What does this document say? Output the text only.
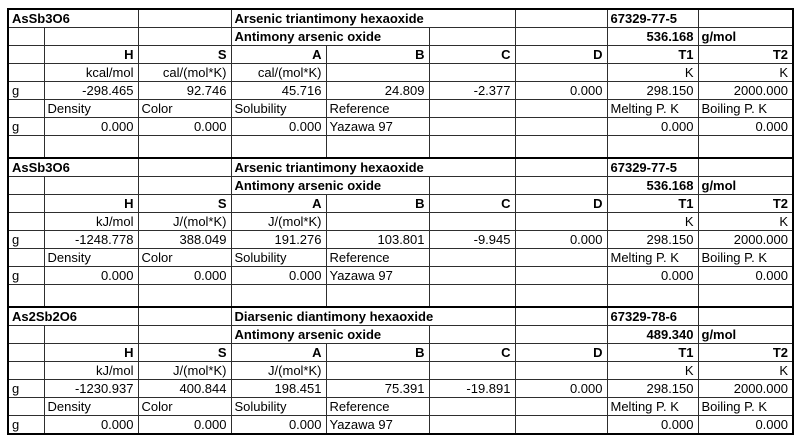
AsSb3O6			Arsenic triantimony hexaoxide				67329-77-5	
			Antimony arsenic oxide				536.168	g/mol
	H	S	A	B	C	D	T1	T2
	kcal/mol	cal/(mol*K)	cal/(mol*K)				K	K
g	-298.465	92.746	45.716	24.809	-2.377	0.000	298.150	2000.000
	Density	Color	Solubility	Reference			Melting P. K	Boiling P. K
g	0.000	0.000	0.000	Yazawa 97			0.000	0.000

AsSb3O6			Arsenic triantimony hexaoxide				67329-77-5	
			Antimony arsenic oxide				536.168	g/mol
	H	S	A	B	C	D	T1	T2
	kJ/mol	J/(mol*K)	J/(mol*K)				K	K
g	-1248.778	388.049	191.276	103.801	-9.945	0.000	298.150	2000.000
	Density	Color	Solubility	Reference			Melting P. K	Boiling P. K
g	0.000	0.000	0.000	Yazawa 97			0.000	0.000

As2Sb2O6			Diarsenic diantimony hexaoxide				67329-78-6	
			Antimony arsenic oxide				489.340	g/mol
	H	S	A	B	C	D	T1	T2
	kJ/mol	J/(mol*K)	J/(mol*K)				K	K
g	-1230.937	400.844	198.451	75.391	-19.891	0.000	298.150	2000.000
	Density	Color	Solubility	Reference			Melting P. K	Boiling P. K
g	0.000	0.000	0.000	Yazawa 97			0.000	0.000
